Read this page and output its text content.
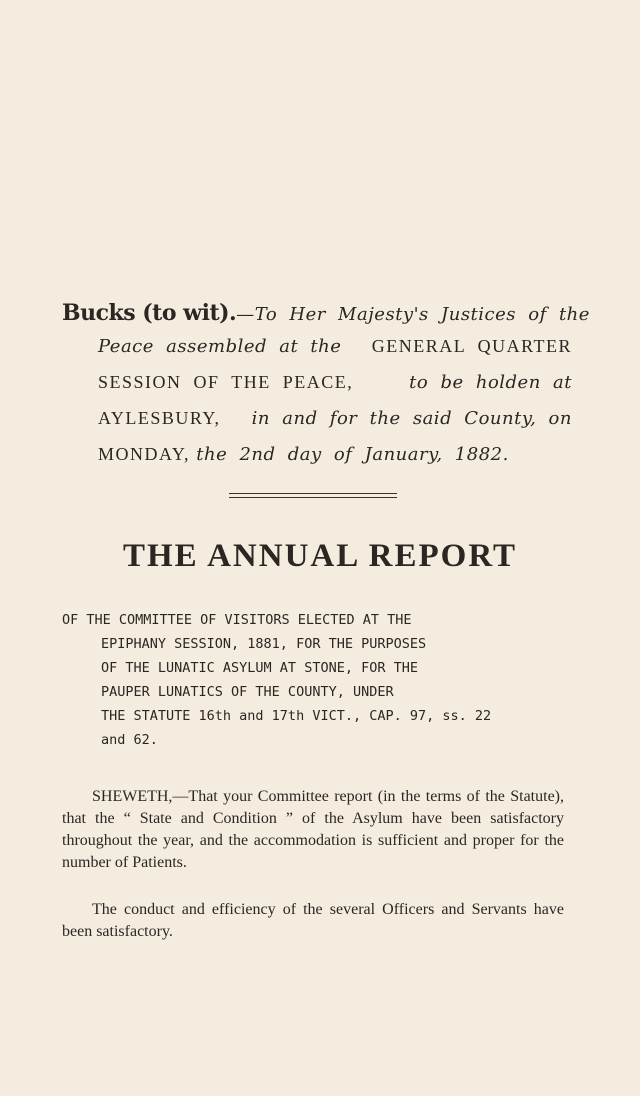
Bucks (to wit).—To Her Majesty's Justices of the
Peace assembled at the GENERAL QUARTER
SESSION OF THE PEACE,	to be holden at
AYLESBURY, in and for the said County, on
MONDAY, the 2nd day of January, 1882.
THE ANNUAL REPORT
OF THE COMMITTEE OF VISITORS ELECTED AT THE
EPIPHANY SESSION, 1881, FOR THE PURPOSES
OF THE LUNATIC ASYLUM AT STONE, FOR THE
PAUPER LUNATICS OF THE COUNTY, UNDER
THE STATUTE 16th and 17th VICT., CAP. 97, ss. 22
and 62.

SHEWETH,—That your Committee report (in the terms of the Statute), that the “ State and Condition ” of the Asylum have been satisfactory throughout the year, and the accommodation is sufficient and proper for the number of Patients.

The conduct and efficiency of the several Officers and Servants have been satisfactory.
